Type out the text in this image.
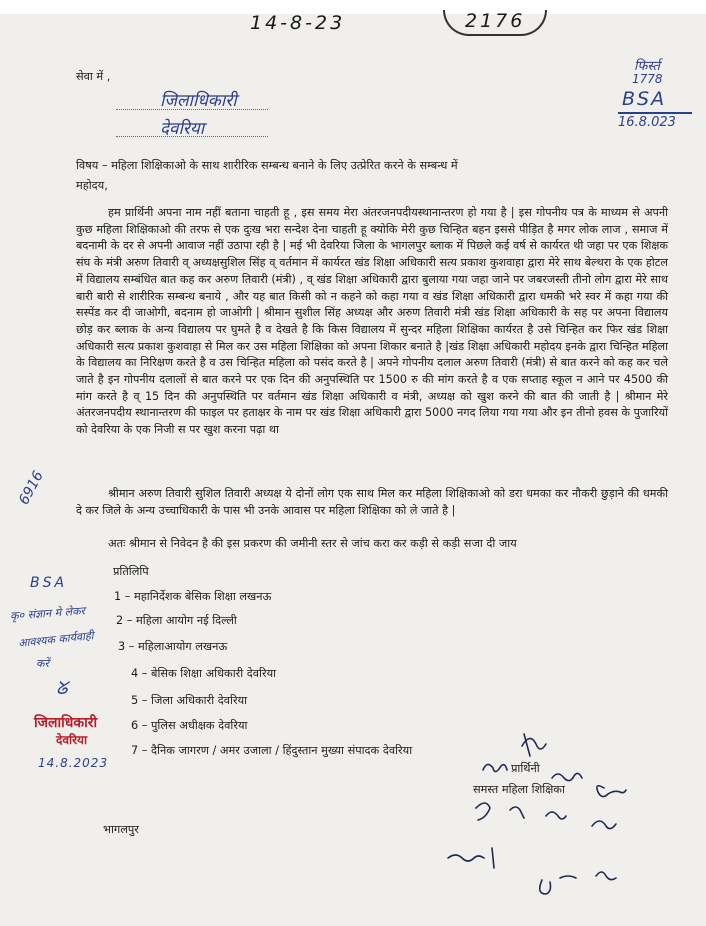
14-8-23	2176
फिर्स्त
1778
BSA
16.8.023
सेवा में ,
जिलाधिकारी
देवरिया
विषय – महिला शिक्षिकाओ के साथ शारीरिक सम्बन्ध बनाने के लिए उत्प्रेरित करने के सम्बन्ध में
महोदय,
हम प्रार्थिनी अपना नाम नहीं बताना चाहती हू , इस समय मेरा अंतरजनपदीयस्थानान्तरण हो गया है | इस गोपनीय पत्र के माध्यम से अपनी कुछ महिला शिक्षिकाओ की तरफ से एक दुःख भरा सन्देश देना चाहती हू क्योकि मेरी कुछ चिन्हित बहन इससे पीड़ित है मगर लोक लाज , समाज में बदनामी के दर से अपनी आवाज नहीं उठापा रही है | मई भी देवरिया जिला के भागलपुर ब्लाक में पिछले कई वर्ष से कार्यरत थी जहा पर एक शिक्षक संघ के मंत्री अरुण तिवारी व् अध्यक्षसुशिल सिंह व् वर्तमान में कार्यरत खंड शिक्षा अधिकारी सत्य प्रकाश कुशवाहा द्वारा मेरे साथ बेल्थरा के एक होटल में विद्यालय सम्बंधित बात कह कर अरुण तिवारी (मंत्री) , व् खंड शिक्षा अधिकारी द्वारा बुलाया गया जहा जाने पर जबरजस्ती तीनो लोग द्वारा मेरे साथ बारी बारी से शारीरिक सम्बन्ध बनाये , और यह बात किसी को न कहने को कहा गया व खंड शिक्षा अधिकारी द्वारा धमकी भरे स्वर में कहा गया की सस्पेंड कर दी जाओगी, बदनाम हो जाओगी | श्रीमान सुशील सिंह अध्यक्ष और अरुण तिवारी मंत्री खंड शिक्षा अधिकारी के सह पर अपना विद्यालय छोड़ कर ब्लाक के अन्य विद्यालय पर घुमते है व देखते है कि किस विद्यालय में सुन्दर महिला शिक्षिका कार्यरत है उसे चिन्हित कर फिर खंड शिक्षा अधिकारी सत्य प्रकाश कुशवाहा से मिल कर उस महिला शिक्षिका को अपना शिकार बनाते है |खंड शिक्षा अधिकारी महोदय इनके द्वारा चिन्हित महिला के विद्यालय का निरिक्षण करते है व उस चिन्हित महिला को पसंद करते है | अपने गोपनीय दलाल अरुण तिवारी (मंत्री) से बात करने को कह कर चले जाते है इन गोपनीय दलालों से बात करने पर एक दिन की अनुपस्थिति पर 1500 रु की मांग करते है व एक सप्ताह स्कूल न आने पर 4500 की मांग करते है व् 15 दिन की अनुपस्थिति पर वर्तमान खंड शिक्षा अधिकारी व मंत्री, अध्यक्ष को खुश करने की बात की जाती है | श्रीमान मेरे अंतरजनपदीय स्थानान्तरण की फाइल पर हताक्षर के नाम पर खंड शिक्षा अधिकारी द्वारा 5000 नगद लिया गया गया और इन तीनो हवस के पुजारियों को देवरिया के एक निजी स पर खुश करना पढ़ा था
श्रीमान अरुण तिवारी सुशिल तिवारी अध्यक्ष ये दोनों लोग एक साथ मिल कर महिला शिक्षिकाओ को डरा धमका कर नौकरी छुड़ाने की धमकी दे कर जिले के अन्य उच्चाधिकारी के पास भी उनके आवास पर महिला शिक्षिका को ले जाते है |
अतः श्रीमान से निवेदन है की इस प्रकरण की जमीनी स्तर से जांच करा कर कड़ी से कड़ी सजा दी जाय
प्रतिलिपि
1 – महानिर्देशक बेसिक शिक्षा लखनऊ
2 – महिला आयोग नई दिल्ली
3 – महिलाआयोग लखनऊ
4 – बेसिक शिक्षा अधिकारी देवरिया
5 – जिला अधिकारी देवरिया
6 – पुलिस अधीक्षक देवरिया
7 – दैनिक जागरण / अमर उजाला / हिंदुस्तान मुख्या संपादक देवरिया
6916
BSA
कृ० संज्ञान मे लेकर
आवश्यक कार्यवाही
करें
ᘜ
जिलाधिकारी
देवरिया
14.8.2023	प्रार्थिनी
समस्त महिला शिक्षिका
भागलपुर
